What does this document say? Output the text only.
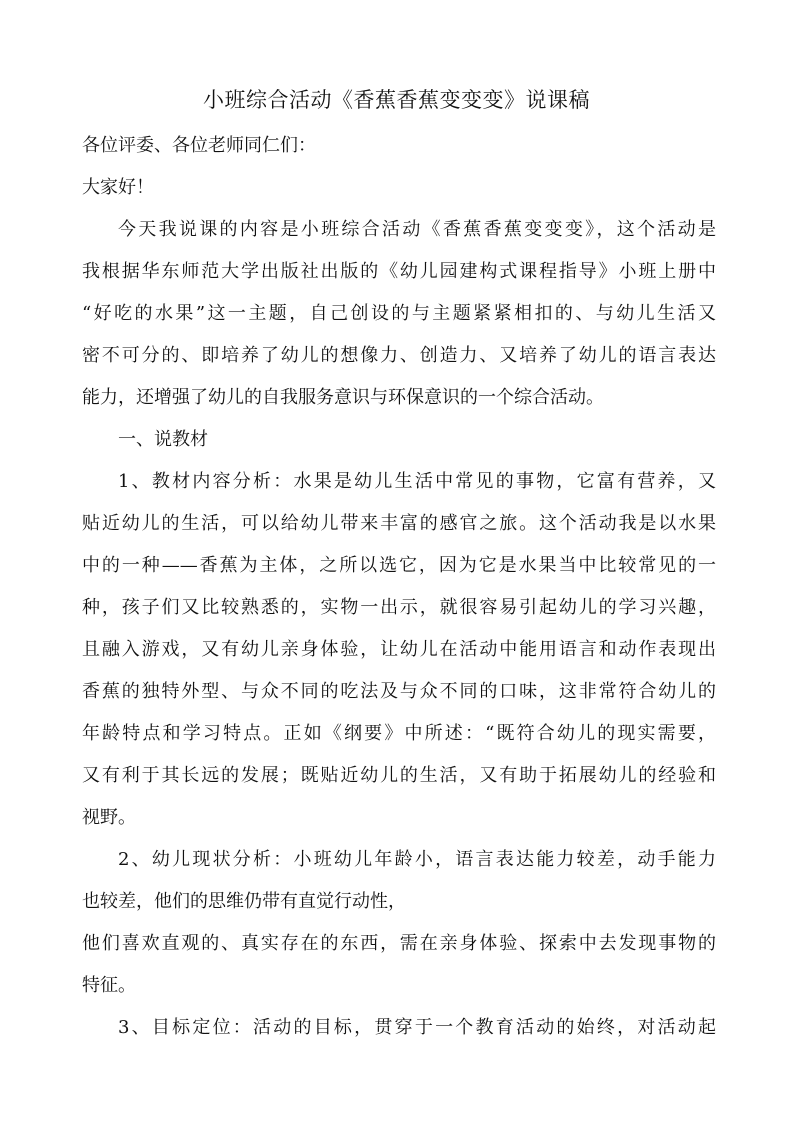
小班综合活动《香蕉香蕉变变变》说课稿
各位评委、各位老师同仁们：
大家好！
今天我说课的内容是小班综合活动《香蕉香蕉变变变》，这个活动是
我根据华东师范大学出版社出版的《幼儿园建构式课程指导》小班上册中
“好吃的水果”这一主题，自己创设的与主题紧紧相扣的、与幼儿生活又
密不可分的、即培养了幼儿的想像力、创造力、又培养了幼儿的语言表达
能力，还增强了幼儿的自我服务意识与环保意识的一个综合活动。
一、说教材
1、教材内容分析：水果是幼儿生活中常见的事物，它富有营养，又
贴近幼儿的生活，可以给幼儿带来丰富的感官之旅。这个活动我是以水果
中的一种——香蕉为主体，之所以选它，因为它是水果当中比较常见的一
种，孩子们又比较熟悉的，实物一出示，就很容易引起幼儿的学习兴趣，
且融入游戏，又有幼儿亲身体验，让幼儿在活动中能用语言和动作表现出
香蕉的独特外型、与众不同的吃法及与众不同的口味，这非常符合幼儿的
年龄特点和学习特点。正如《纲要》中所述：“既符合幼儿的现实需要，
又有利于其长远的发展；既贴近幼儿的生活，又有助于拓展幼儿的经验和
视野。
2、幼儿现状分析：小班幼儿年龄小，语言表达能力较差，动手能力
也较差，他们的思维仍带有直觉行动性，
他们喜欢直观的、真实存在的东西，需在亲身体验、探索中去发现事物的
特征。
3、目标定位：活动的目标，贯穿于一个教育活动的始终，对活动起
